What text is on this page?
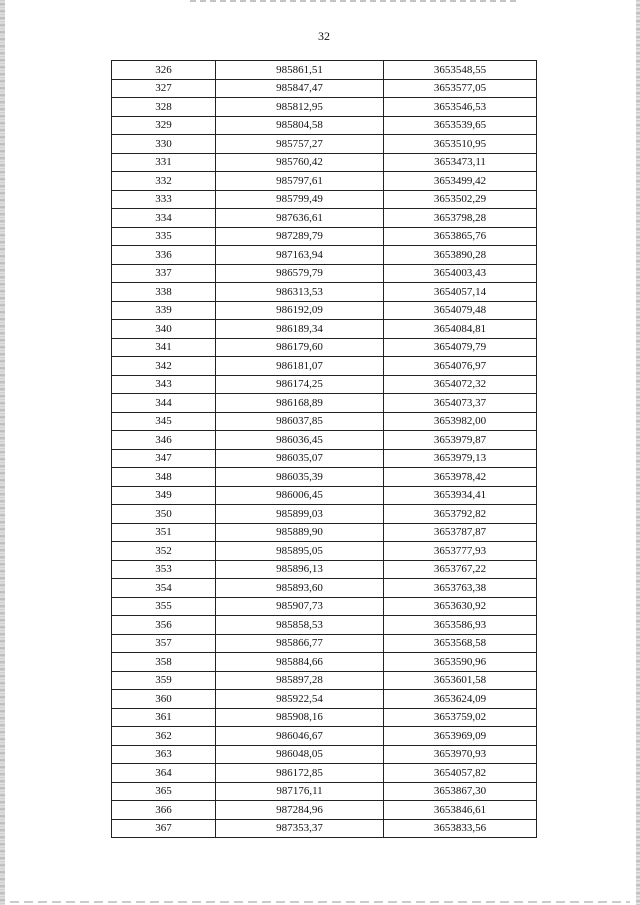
32
326	985861,51	3653548,55
327	985847,47	3653577,05
328	985812,95	3653546,53
329	985804,58	3653539,65
330	985757,27	3653510,95
331	985760,42	3653473,11
332	985797,61	3653499,42
333	985799,49	3653502,29
334	987636,61	3653798,28
335	987289,79	3653865,76
336	987163,94	3653890,28
337	986579,79	3654003,43
338	986313,53	3654057,14
339	986192,09	3654079,48
340	986189,34	3654084,81
341	986179,60	3654079,79
342	986181,07	3654076,97
343	986174,25	3654072,32
344	986168,89	3654073,37
345	986037,85	3653982,00
346	986036,45	3653979,87
347	986035,07	3653979,13
348	986035,39	3653978,42
349	986006,45	3653934,41
350	985899,03	3653792,82
351	985889,90	3653787,87
352	985895,05	3653777,93
353	985896,13	3653767,22
354	985893,60	3653763,38
355	985907,73	3653630,92
356	985858,53	3653586,93
357	985866,77	3653568,58
358	985884,66	3653590,96
359	985897,28	3653601,58
360	985922,54	3653624,09
361	985908,16	3653759,02
362	986046,67	3653969,09
363	986048,05	3653970,93
364	986172,85	3654057,82
365	987176,11	3653867,30
366	987284,96	3653846,61
367	987353,37	3653833,56
